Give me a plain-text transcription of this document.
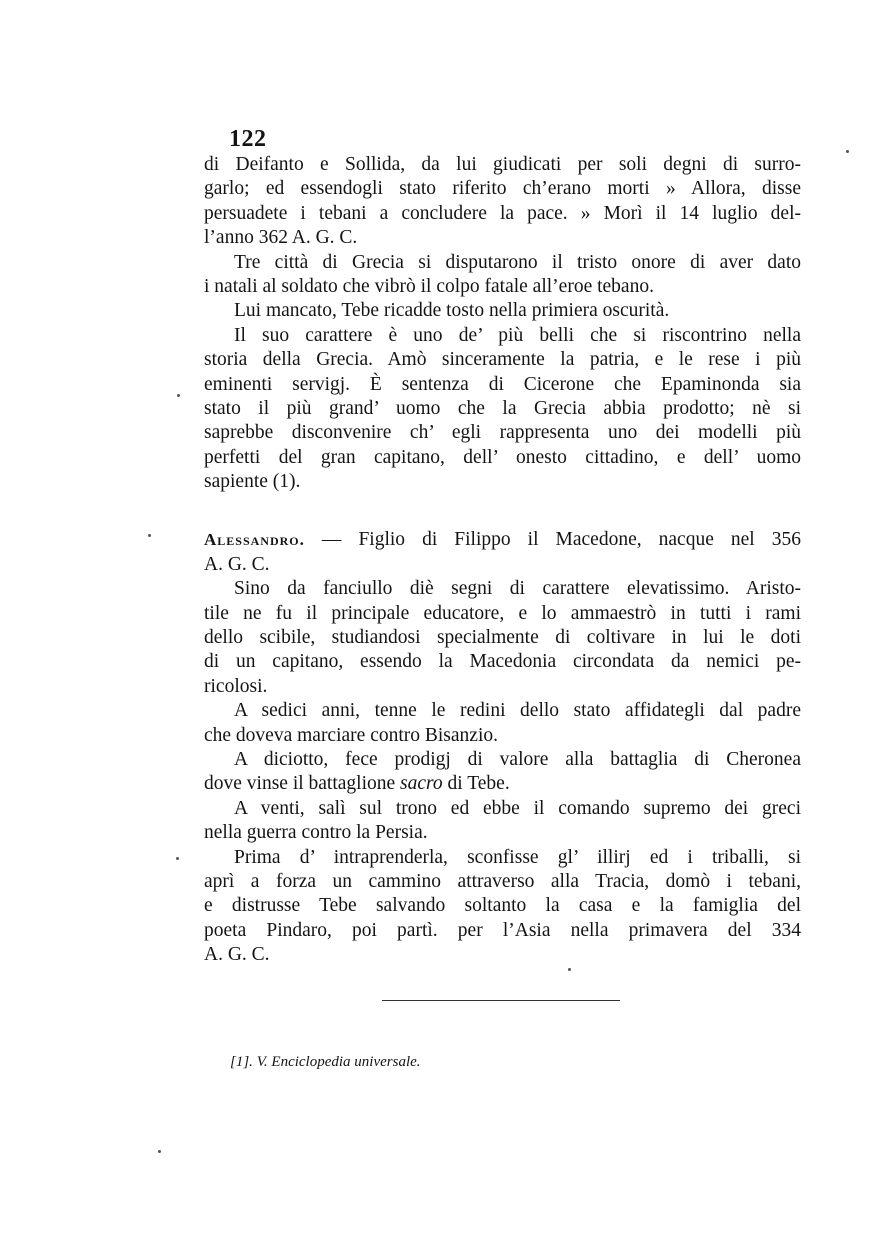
122
di Deifanto e Sollida, da lui giudicati per soli degni di surro-
garlo; ed essendogli stato riferito ch’erano morti » Allora, disse
persuadete i tebani a concludere la pace. » Morì il 14 luglio del-
l’anno 362 A. G. C.
Tre città di Grecia si disputarono il tristo onore di aver dato
i natali al soldato che vibrò il colpo fatale all’eroe tebano.
Lui mancato, Tebe ricadde tosto nella primiera oscurità.
Il suo carattere è uno de’ più belli che si riscontrino nella
storia della Grecia. Amò sinceramente la patria, e le rese i più
eminenti servigj. È sentenza di Cicerone che Epaminonda sia
stato il più grand’ uomo che la Grecia abbia prodotto; nè si
saprebbe disconvenire ch’ egli rappresenta uno dei modelli più
perfetti del gran capitano, dell’ onesto cittadino, e dell’ uomo
sapiente (1).
Alessandro. — Figlio di Filippo il Macedone, nacque nel 356
A. G. C.
Sino da fanciullo diè segni di carattere elevatissimo. Aristo-
tile ne fu il principale educatore, e lo ammaestrò in tutti i rami
dello scibile, studiandosi specialmente di coltivare in lui le doti
di un capitano, essendo la Macedonia circondata da nemici pe-
ricolosi.
A sedici anni, tenne le redini dello stato affidategli dal padre
che doveva marciare contro Bisanzio.
A diciotto, fece prodigj di valore alla battaglia di Cheronea
dove vinse il battaglione sacro di Tebe.
A venti, salì sul trono ed ebbe il comando supremo dei greci
nella guerra contro la Persia.
Prima d’ intraprenderla, sconfisse gl’ illirj ed i triballi, si
aprì a forza un cammino attraverso alla Tracia, domò i tebani,
e distrusse Tebe salvando soltanto la casa e la famiglia del
poeta Pindaro, poi partì. per l’Asia nella primavera del 334
A. G. C.
[1]. V. Enciclopedia universale.
